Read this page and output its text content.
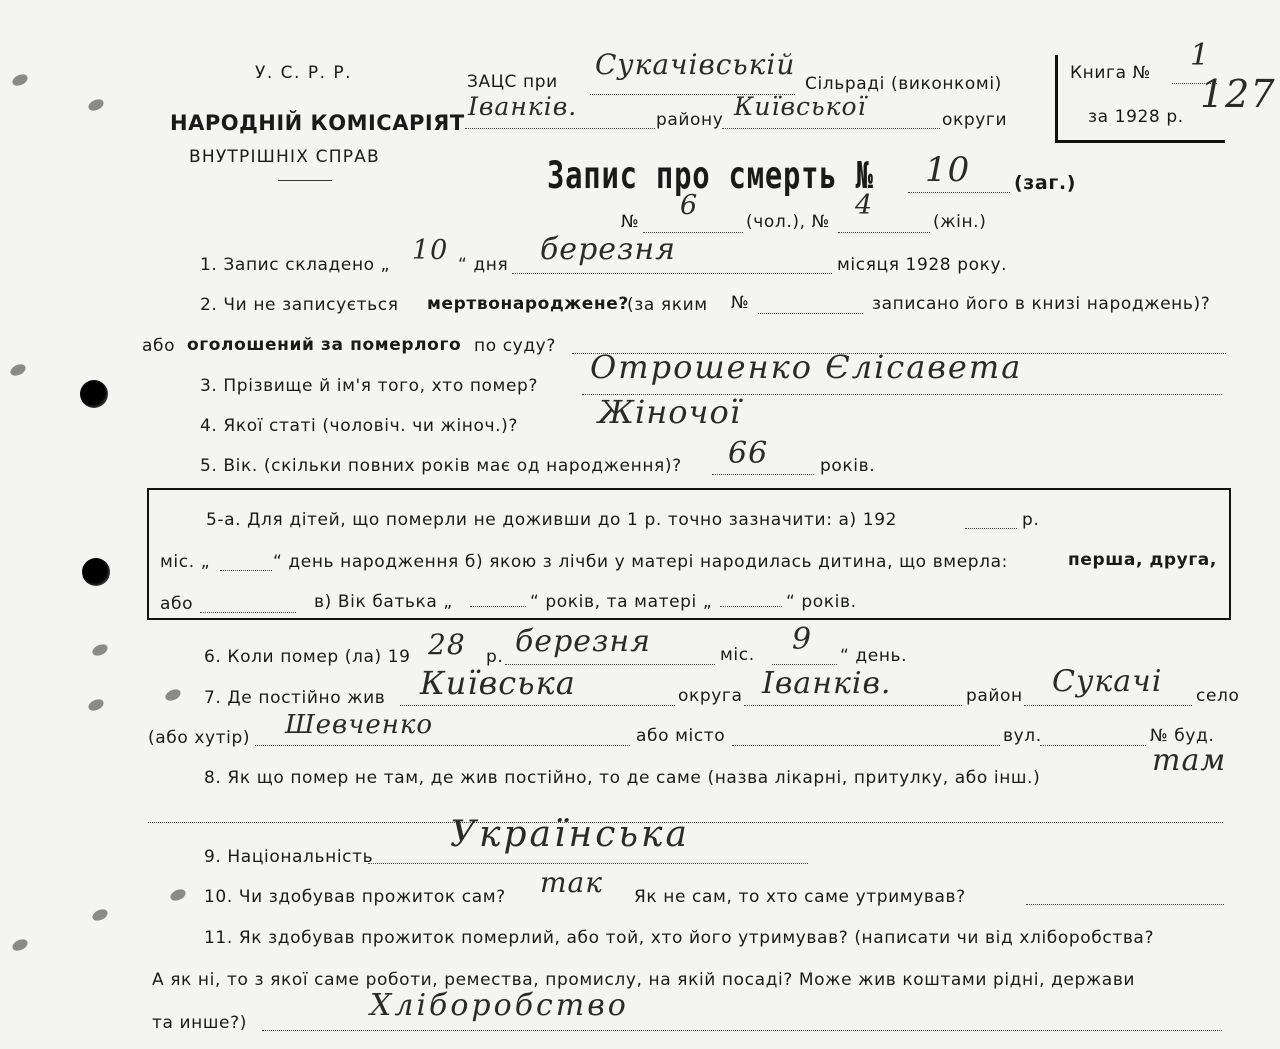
У. С. Р. Р.
НАРОДНІЙ КОМІСАРІЯТ
ВНУТРІШНІХ СПРАВ
ЗАЦС при
Сукачівській
Сільраді (виконкомі)
Іванків.	району Київської	округи
Книга № 1
за 1928 р.
127
Запис про смерть № 10 (заг.)
№
6
(чол.), №
4
(жін.)
1. Запис складено „ 10 “ дня березня	місяця 1928 року.
2. Чи не записується мертвонароджене?
(за яким №	записано його в книзі народжень)?
або оголошений за померлого по суду?
3. Прізвище й ім'я того, хто помер? Отрошенко Єлісавета
4. Якої статі (чоловіч. чи жіноч.)? Жіночої
5. Вік. (скільки повних років має од народження)? 66	років.
5-а. Для дітей, що померли не доживши до 1 р. точно зазначити: а) 192	р.
міс. „	“ день народження б) якою з лічби у матері народилась дитина, що вмерла:	перша, друга,
або	в) Вік батька „	“ років, та матері „	“ років.
6. Коли помер (ла) 19 28 р. березня	міс. 9 “ день.
7. Де постійно жив Київська	округа Іванків.	район Сукачі село
(або хутір) Шевченко	або місто	вул.	№ буд.
8. Як що помер не там, де жив постійно, то де саме (назва лікарні, притулку, або інш.)	там
9. Національність
Українська
10. Чи здобував прожиток сам? так Як не сам, то хто саме утримував?
11. Як здобував прожиток померлий, або той, хто його утримував? (написати чи від хліборобства?
А як ні, то з якої саме роботи, ремества, промислу, на якій посаді? Може жив коштами рідні, держави
та инше?)	Хліборобство
